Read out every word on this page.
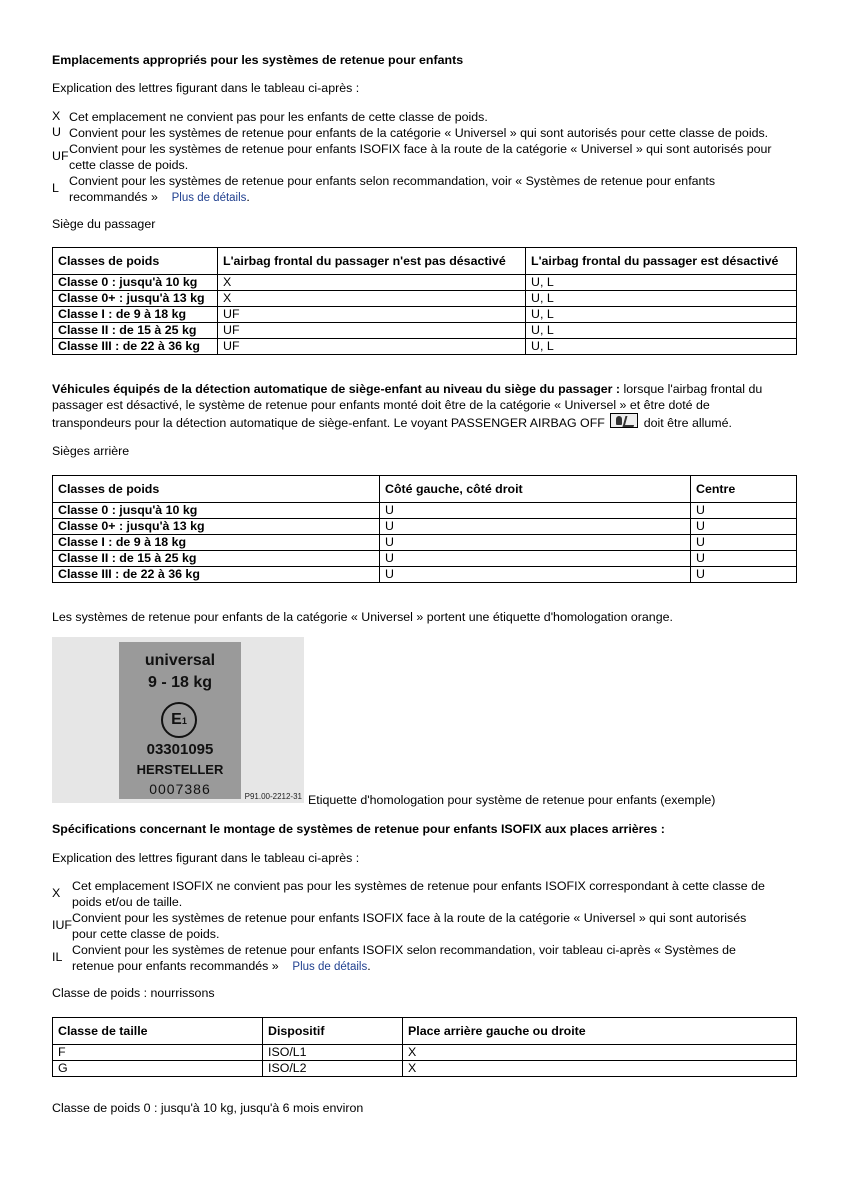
Emplacements appropriés pour les systèmes de retenue pour enfants
Explication des lettres figurant dans le tableau ci-après :
X Cet emplacement ne convient pas pour les enfants de cette classe de poids.
U Convient pour les systèmes de retenue pour enfants de la catégorie « Universel » qui sont autorisés pour cette classe de poids.
UF Convient pour les systèmes de retenue pour enfants ISOFIX face à la route de la catégorie « Universel » qui sont autorisés pour
cette classe de poids.
L Convient pour les systèmes de retenue pour enfants selon recommandation, voir « Systèmes de retenue pour enfants
recommandés » Plus de détails.
Siège du passager
Classes de poids	L'airbag frontal du passager n'est pas désactivé	L'airbag frontal du passager est désactivé
Classe 0 : jusqu'à 10 kg	X	U, L
Classe 0+ : jusqu'à 13 kg	X	U, L
Classe I : de 9 à 18 kg	UF	U, L
Classe II : de 15 à 25 kg	UF	U, L
Classe III : de 22 à 36 kg	UF	U, L
Véhicules équipés de la détection automatique de siège-enfant au niveau du siège du passager : lorsque l'airbag frontal du
passager est désactivé, le système de retenue pour enfants monté doit être de la catégorie « Universel » et être doté de
transpondeurs pour la détection automatique de siège-enfant. Le voyant PASSENGER AIRBAG OFF	doit être allumé.
Sièges arrière
Classes de poids	Côté gauche, côté droit	Centre
Classe 0 : jusqu'à 10 kg	U	U
Classe 0+ : jusqu'à 13 kg	U	U
Classe I : de 9 à 18 kg	U	U
Classe II : de 15 à 25 kg	U	U
Classe III : de 22 à 36 kg	U	U
Les systèmes de retenue pour enfants de la catégorie « Universel » portent une étiquette d'homologation orange.
universal
9 - 18 kg
E1
03301095
HERSTELLER
0007386	P91.00-2212-31 Etiquette d'homologation pour système de retenue pour enfants (exemple)
Spécifications concernant le montage de systèmes de retenue pour enfants ISOFIX aux places arrières :
Explication des lettres figurant dans le tableau ci-après :
X Cet emplacement ISOFIX ne convient pas pour les systèmes de retenue pour enfants ISOFIX correspondant à cette classe de
poids et/ou de taille.
IUF Convient pour les systèmes de retenue pour enfants ISOFIX face à la route de la catégorie « Universel » qui sont autorisés
pour cette classe de poids.
IL Convient pour les systèmes de retenue pour enfants ISOFIX selon recommandation, voir tableau ci-après « Systèmes de
retenue pour enfants recommandés » Plus de détails.
Classe de poids : nourrissons
Classe de taille	Dispositif	Place arrière gauche ou droite
F	ISO/L1	X
G	ISO/L2	X
Classe de poids 0 : jusqu'à 10 kg, jusqu'à 6 mois environ
